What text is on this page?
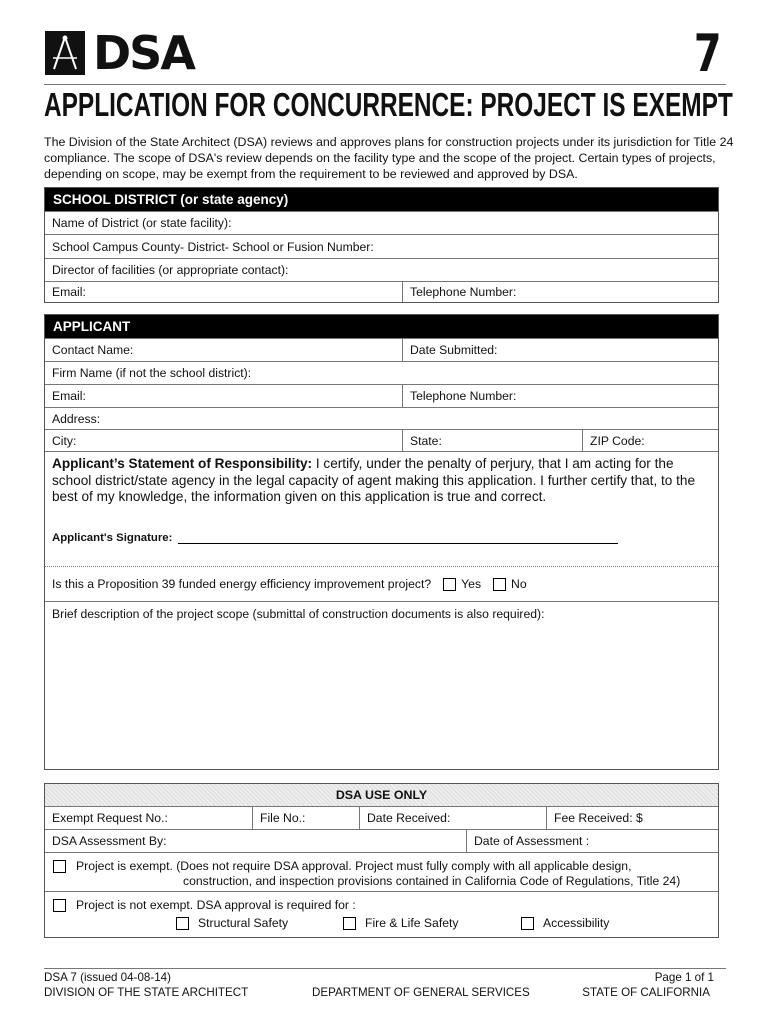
DSA	7
APPLICATION FOR CONCURRENCE: PROJECT IS EXEMPT
The Division of the State Architect (DSA) reviews and approves plans for construction projects under its jurisdiction for Title 24 compliance. The scope of DSA's review depends on the facility type and the scope of the project. Certain types of projects, depending on scope, may be exempt from the requirement to be reviewed and approved by DSA.
SCHOOL DISTRICT (or state agency)
Name of District (or state facility):
School Campus County- District- School or Fusion Number:
Director of facilities (or appropriate contact):
Email:	Telephone Number:
APPLICANT
Contact Name:	Date Submitted:
Firm Name (if not the school district):
Email:	Telephone Number:
Address:
City:	State:	ZIP Code:
Applicant’s Statement of Responsibility: I certify, under the penalty of perjury, that I am acting for the school district/state agency in the legal capacity of agent making this application. I further certify that, to the best of my knowledge, the information given on this application is true and correct.
Applicant's Signature:
Is this a Proposition 39 funded energy efficiency improvement project? Yes No
Brief description of the project scope (submittal of construction documents is also required):
DSA USE ONLY
Exempt Request No.:	File No.:	Date Received:	Fee Received: $
DSA Assessment By:	Date of Assessment :
Project is exempt. (Does not require DSA approval. Project must fully comply with all applicable design,
construction, and inspection provisions contained in California Code of Regulations, Title 24)
Project is not exempt. DSA approval is required for :
Structural Safety	Fire & Life Safety	Accessibility
DSA 7 (issued 04-08-14)
DIVISION OF THE STATE ARCHITECT	DEPARTMENT OF GENERAL SERVICES
Page 1 of 1
STATE OF CALIFORNIA
